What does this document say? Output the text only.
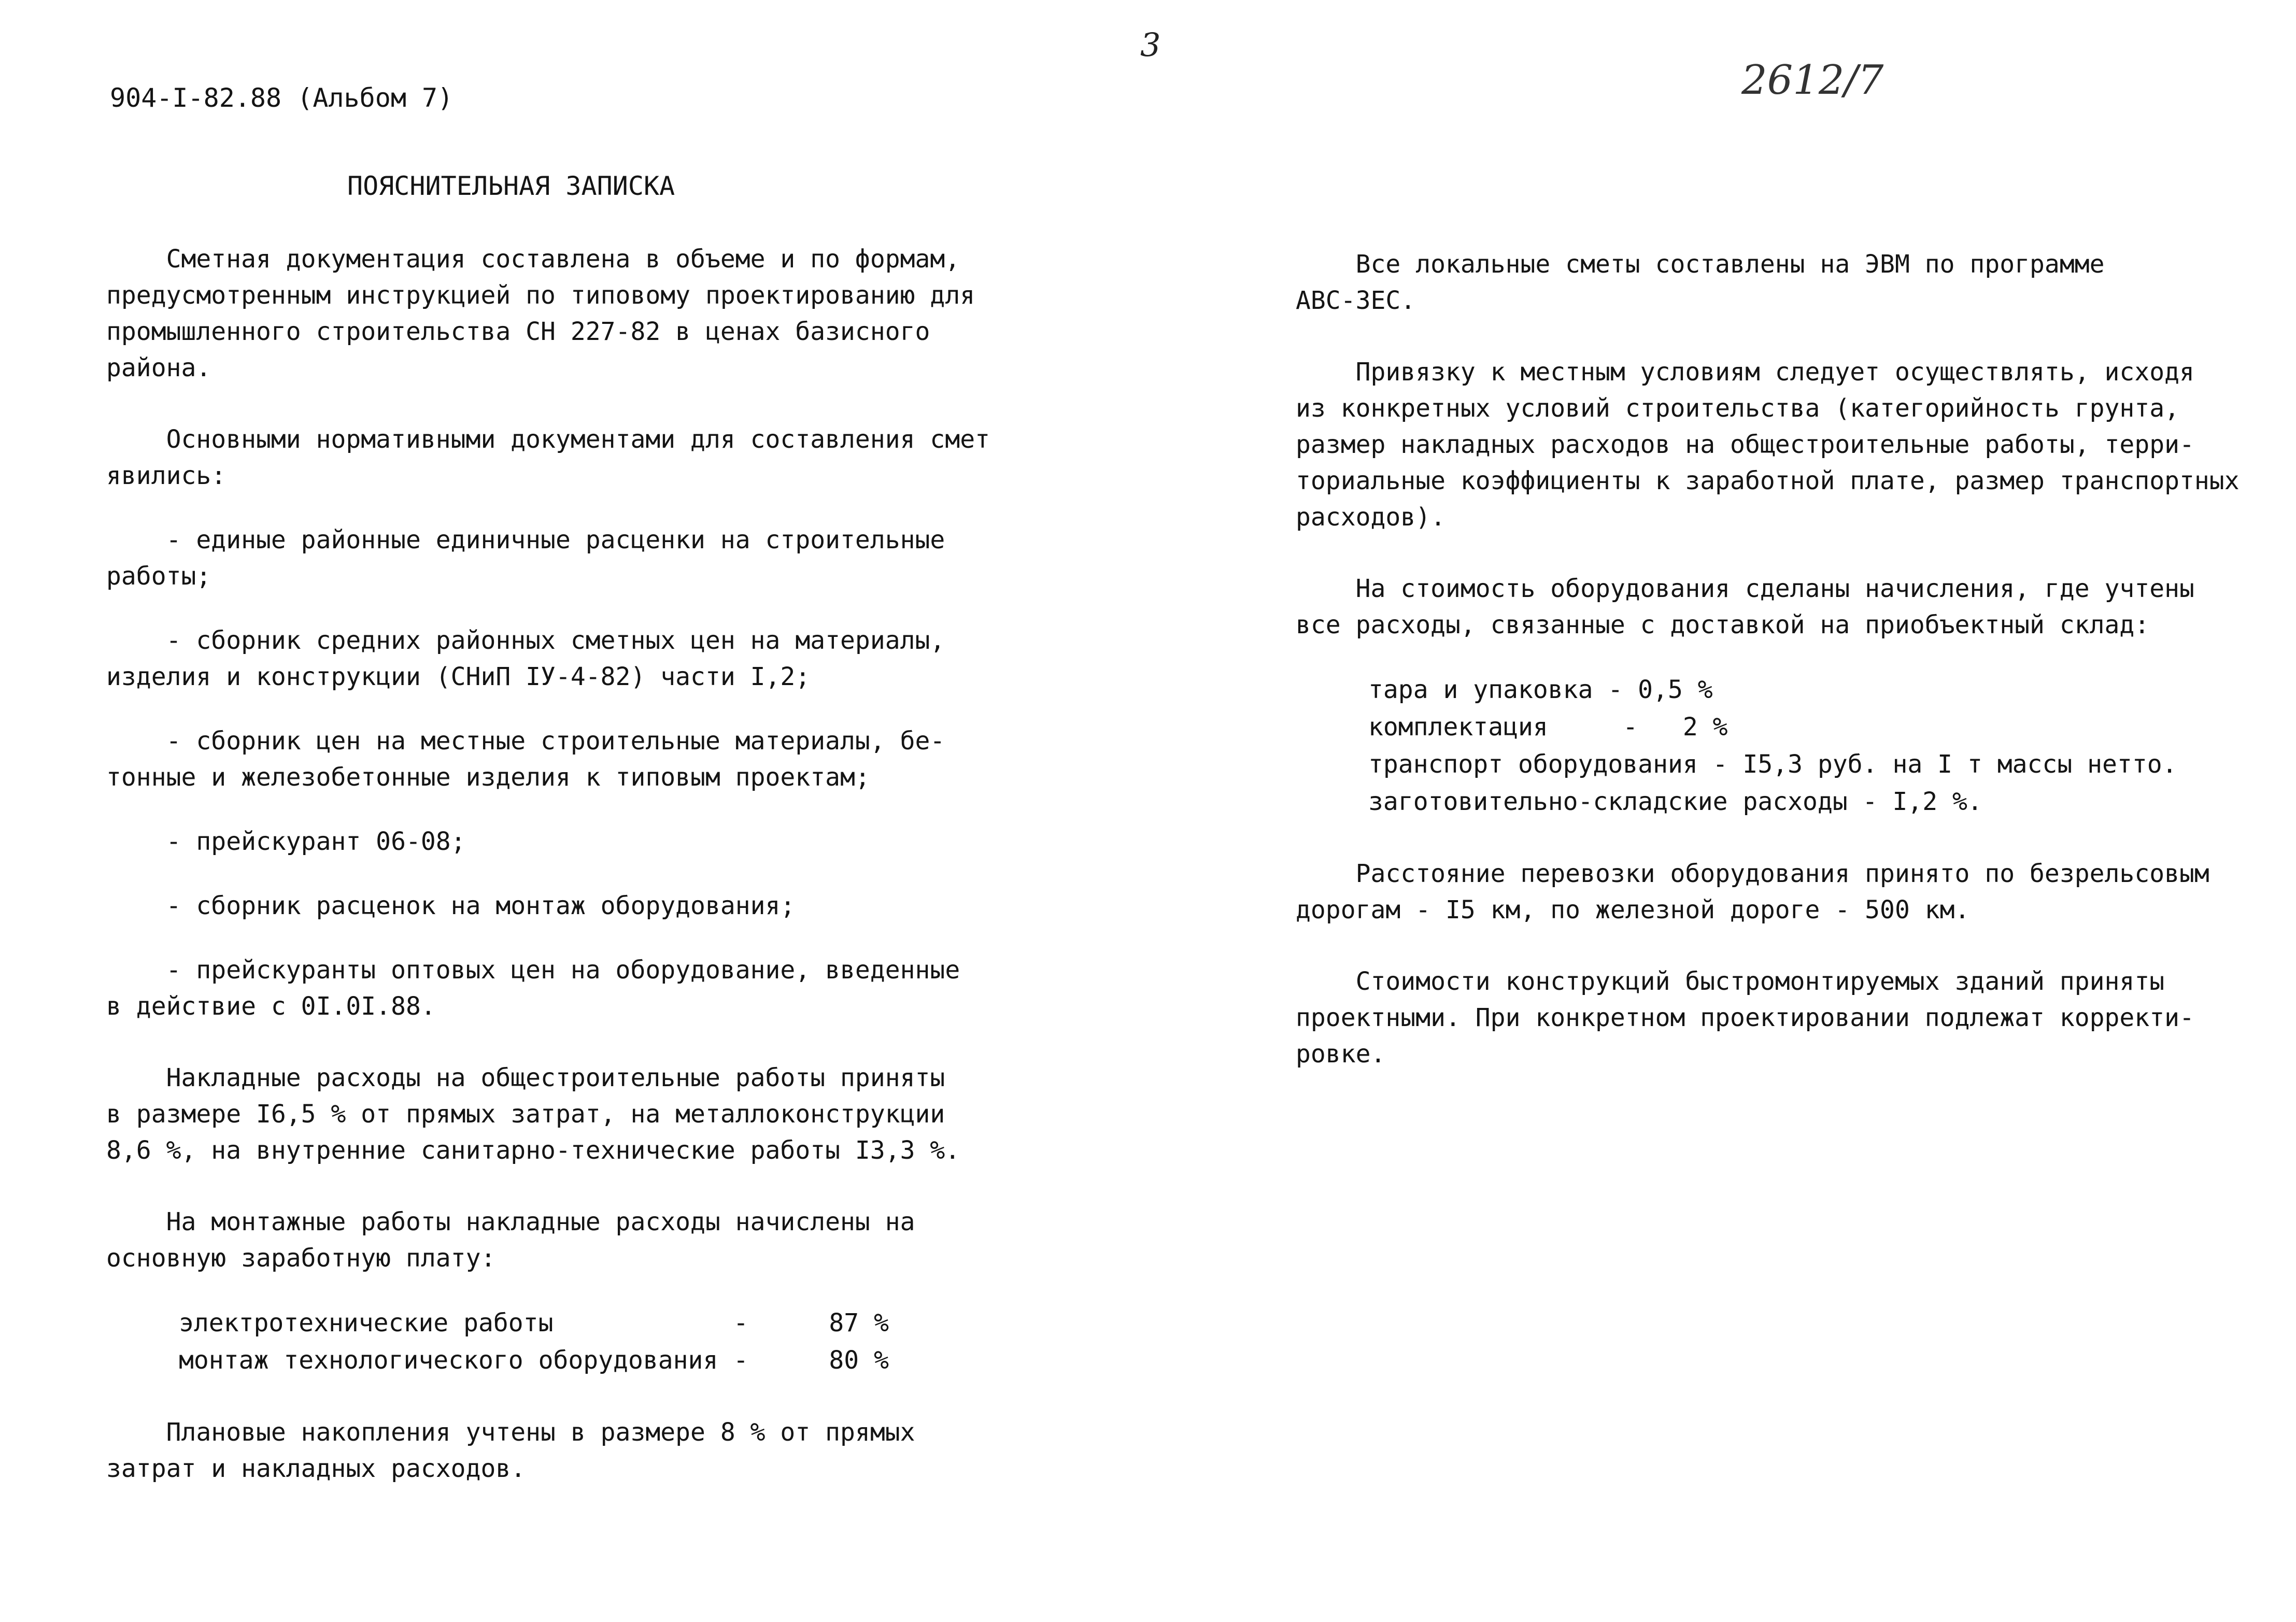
904-I-82.88 (Альбом 7)
3
2612/7
ПОЯСНИТЕЛЬНАЯ ЗАПИСКА

Сметная документация составлена в объеме и по формам,
предусмотренным инструкцией по типовому проектированию для
промышленного строительства СН 227-82 в ценах базисного
района.

Основными нормативными документами для составления смет
явились:

- единые районные единичные расценки на строительные
работы;

- сборник средних районных сметных цен на материалы,
изделия и конструкции (СНиП IУ-4-82) части I,2;

- сборник цен на местные строительные материалы, бе-
тонные и железобетонные изделия к типовым проектам;

- прейскурант 06-08;

- сборник расценок на монтаж оборудования;

- прейскуранты оптовых цен на оборудование, введенные
в действие с 0I.0I.88.

Накладные расходы на общестроительные работы приняты
в размере I6,5 % от прямых затрат, на металлоконструкции
8,6 %, на внутренние санитарно-технические работы I3,3 %.

На монтажные работы накладные расходы начислены на
основную заработную плату:

электротехнические работы	-	87 %
монтаж технологического оборудования -	80 %

Плановые накопления учтены в размере 8 % от прямых
затрат и накладных расходов.

Все локальные сметы составлены на ЭВМ по программе
АВС-3ЕС.

Привязку к местным условиям следует осуществлять, исходя
из конкретных условий строительства (категорийность грунта,
размер накладных расходов на общестроительные работы, терри-
ториальные коэффициенты к заработной плате, размер транспортных
расходов).

На стоимость оборудования сделаны начисления, где учтены
все расходы, связанные с доставкой на приобъектный склад:

тара и упаковка - 0,5 %
комплектация     -   2 %
транспорт оборудования - I5,3 руб. на I т массы нетто.
заготовительно-складские расходы - I,2 %.

Расстояние перевозки оборудования принято по безрельсовым
дорогам - I5 км, по железной дороге - 500 км.

Стоимости конструкций быстромонтируемых зданий приняты
проектными. При конкретном проектировании подлежат корректи-
ровке.
